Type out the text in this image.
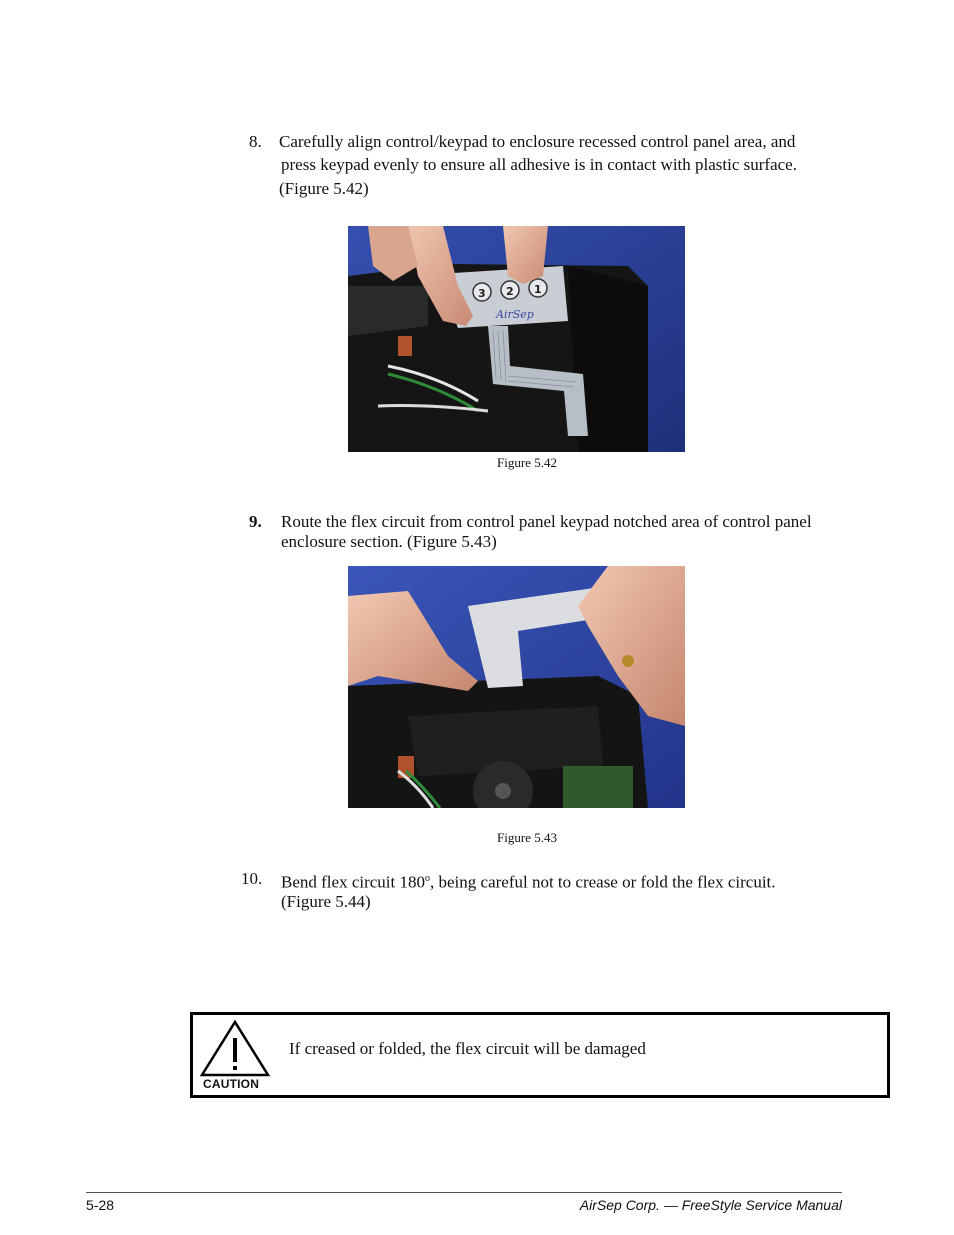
8. Carefully align control/keypad to enclosure recessed control panel area, and
press keypad evenly to ensure all adhesive is in contact with plastic surface.
(Figure 5.42)
1
2
3
AirSep
Figure 5.42
9. Route the flex circuit from control panel keypad notched area of control panel
enclosure section. (Figure 5.43)
Figure 5.43
10. Bend flex circuit 180$^o$, being careful not to crease or fold the flex circuit.
(Figure 5.44)
CAUTION
If creased or folded, the flex circuit will be damaged
5-28	AirSep Corp. — FreeStyle Service Manual
